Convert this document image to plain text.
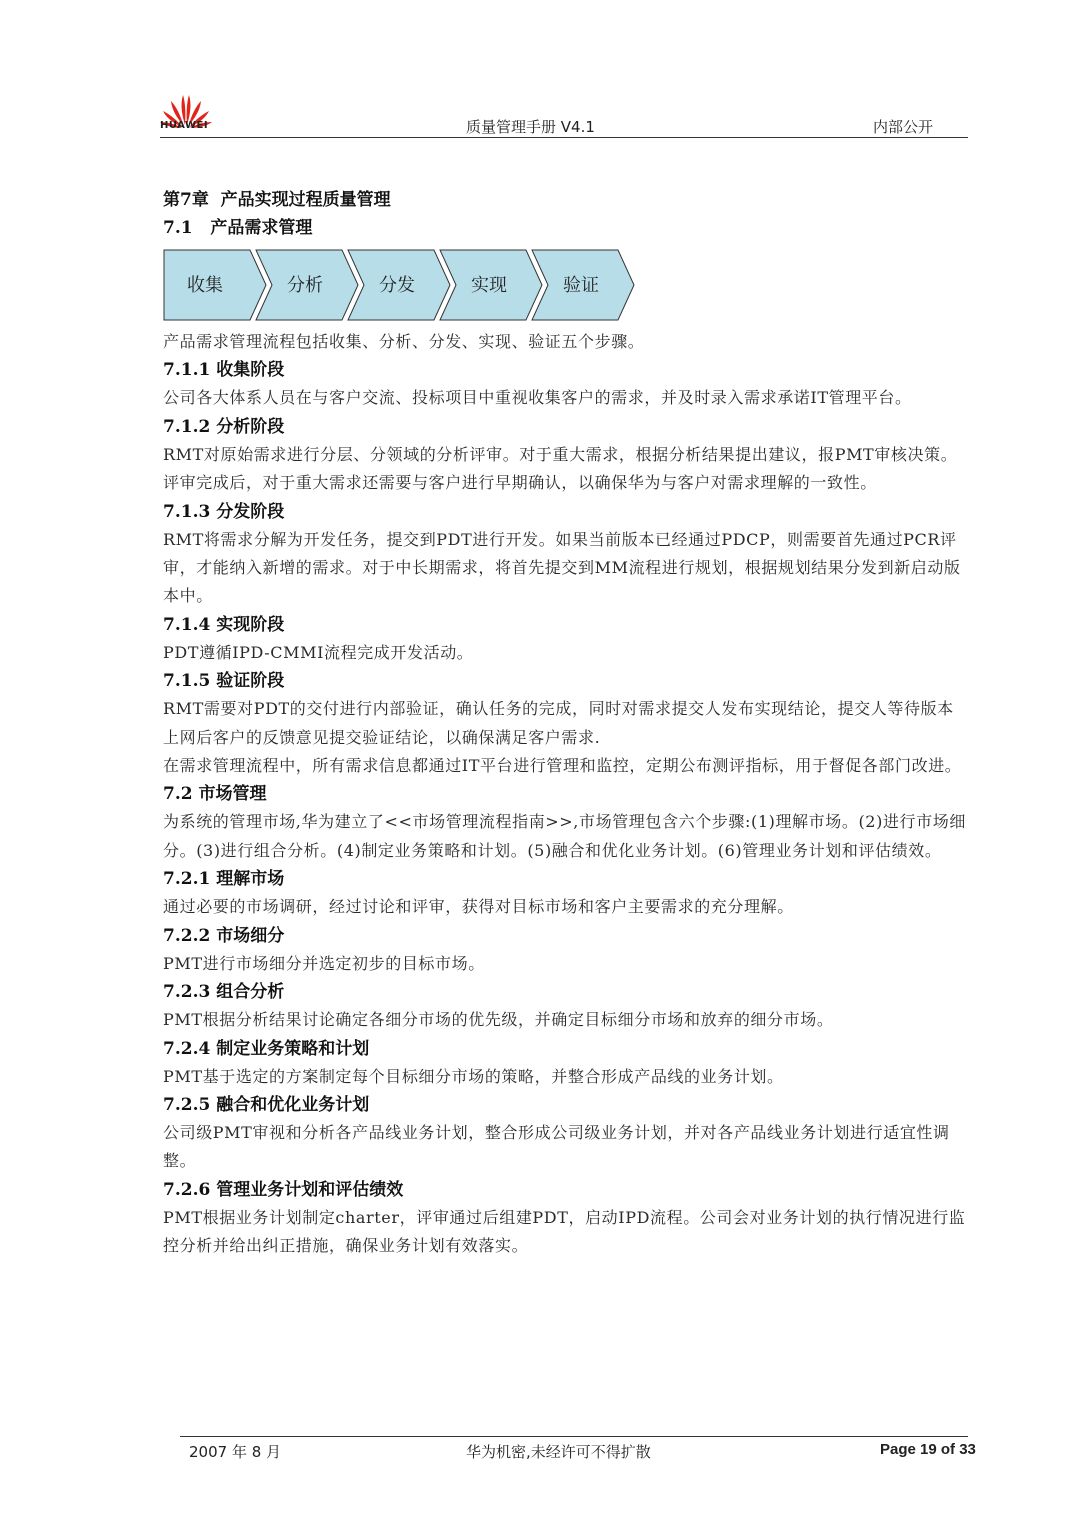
HUAWEI	质量管理手册 V4.1	内部公开

第7章  产品实现过程质量管理

7.1   产品需求管理

收集	分析	分发	实现	验证

产品需求管理流程包括收集、分析、分发、实现、验证五个步骤。

7.1.1 收集阶段

公司各大体系人员在与客户交流、投标项目中重视收集客户的需求，并及时录入需求承诺IT管理平台。

7.1.2 分析阶段

RMT对原始需求进行分层、分领域的分析评审。对于重大需求，根据分析结果提出建议，报PMT审核决策。评审完成后，对于重大需求还需要与客户进行早期确认，以确保华为与客户对需求理解的一致性。

7.1.3 分发阶段

RMT将需求分解为开发任务，提交到PDT进行开发。如果当前版本已经通过PDCP，则需要首先通过PCR评审，才能纳入新增的需求。对于中长期需求，将首先提交到MM流程进行规划，根据规划结果分发到新启动版本中。

7.1.4 实现阶段

PDT遵循IPD-CMMI流程完成开发活动。

7.1.5 验证阶段

RMT需要对PDT的交付进行内部验证，确认任务的完成，同时对需求提交人发布实现结论，提交人等待版本上网后客户的反馈意见提交验证结论，以确保满足客户需求.

在需求管理流程中，所有需求信息都通过IT平台进行管理和监控，定期公布测评指标，用于督促各部门改进。

7.2 市场管理

为系统的管理市场,华为建立了<<市场管理流程指南>>,市场管理包含六个步骤:(1)理解市场。(2)进行市场细分。(3)进行组合分析。(4)制定业务策略和计划。(5)融合和优化业务计划。(6)管理业务计划和评估绩效。

7.2.1 理解市场

通过必要的市场调研，经过讨论和评审，获得对目标市场和客户主要需求的充分理解。

7.2.2 市场细分

PMT进行市场细分并选定初步的目标市场。

7.2.3 组合分析

PMT根据分析结果讨论确定各细分市场的优先级，并确定目标细分市场和放弃的细分市场。

7.2.4 制定业务策略和计划

PMT基于选定的方案制定每个目标细分市场的策略，并整合形成产品线的业务计划。

7.2.5 融合和优化业务计划

公司级PMT审视和分析各产品线业务计划，整合形成公司级业务计划，并对各产品线业务计划进行适宜性调整。

7.2.6 管理业务计划和评估绩效

PMT根据业务计划制定charter，评审通过后组建PDT，启动IPD流程。公司会对业务计划的执行情况进行监控分析并给出纠正措施，确保业务计划有效落实。

2007 年 8 月	华为机密,未经许可不得扩散	Page 19 of 33
